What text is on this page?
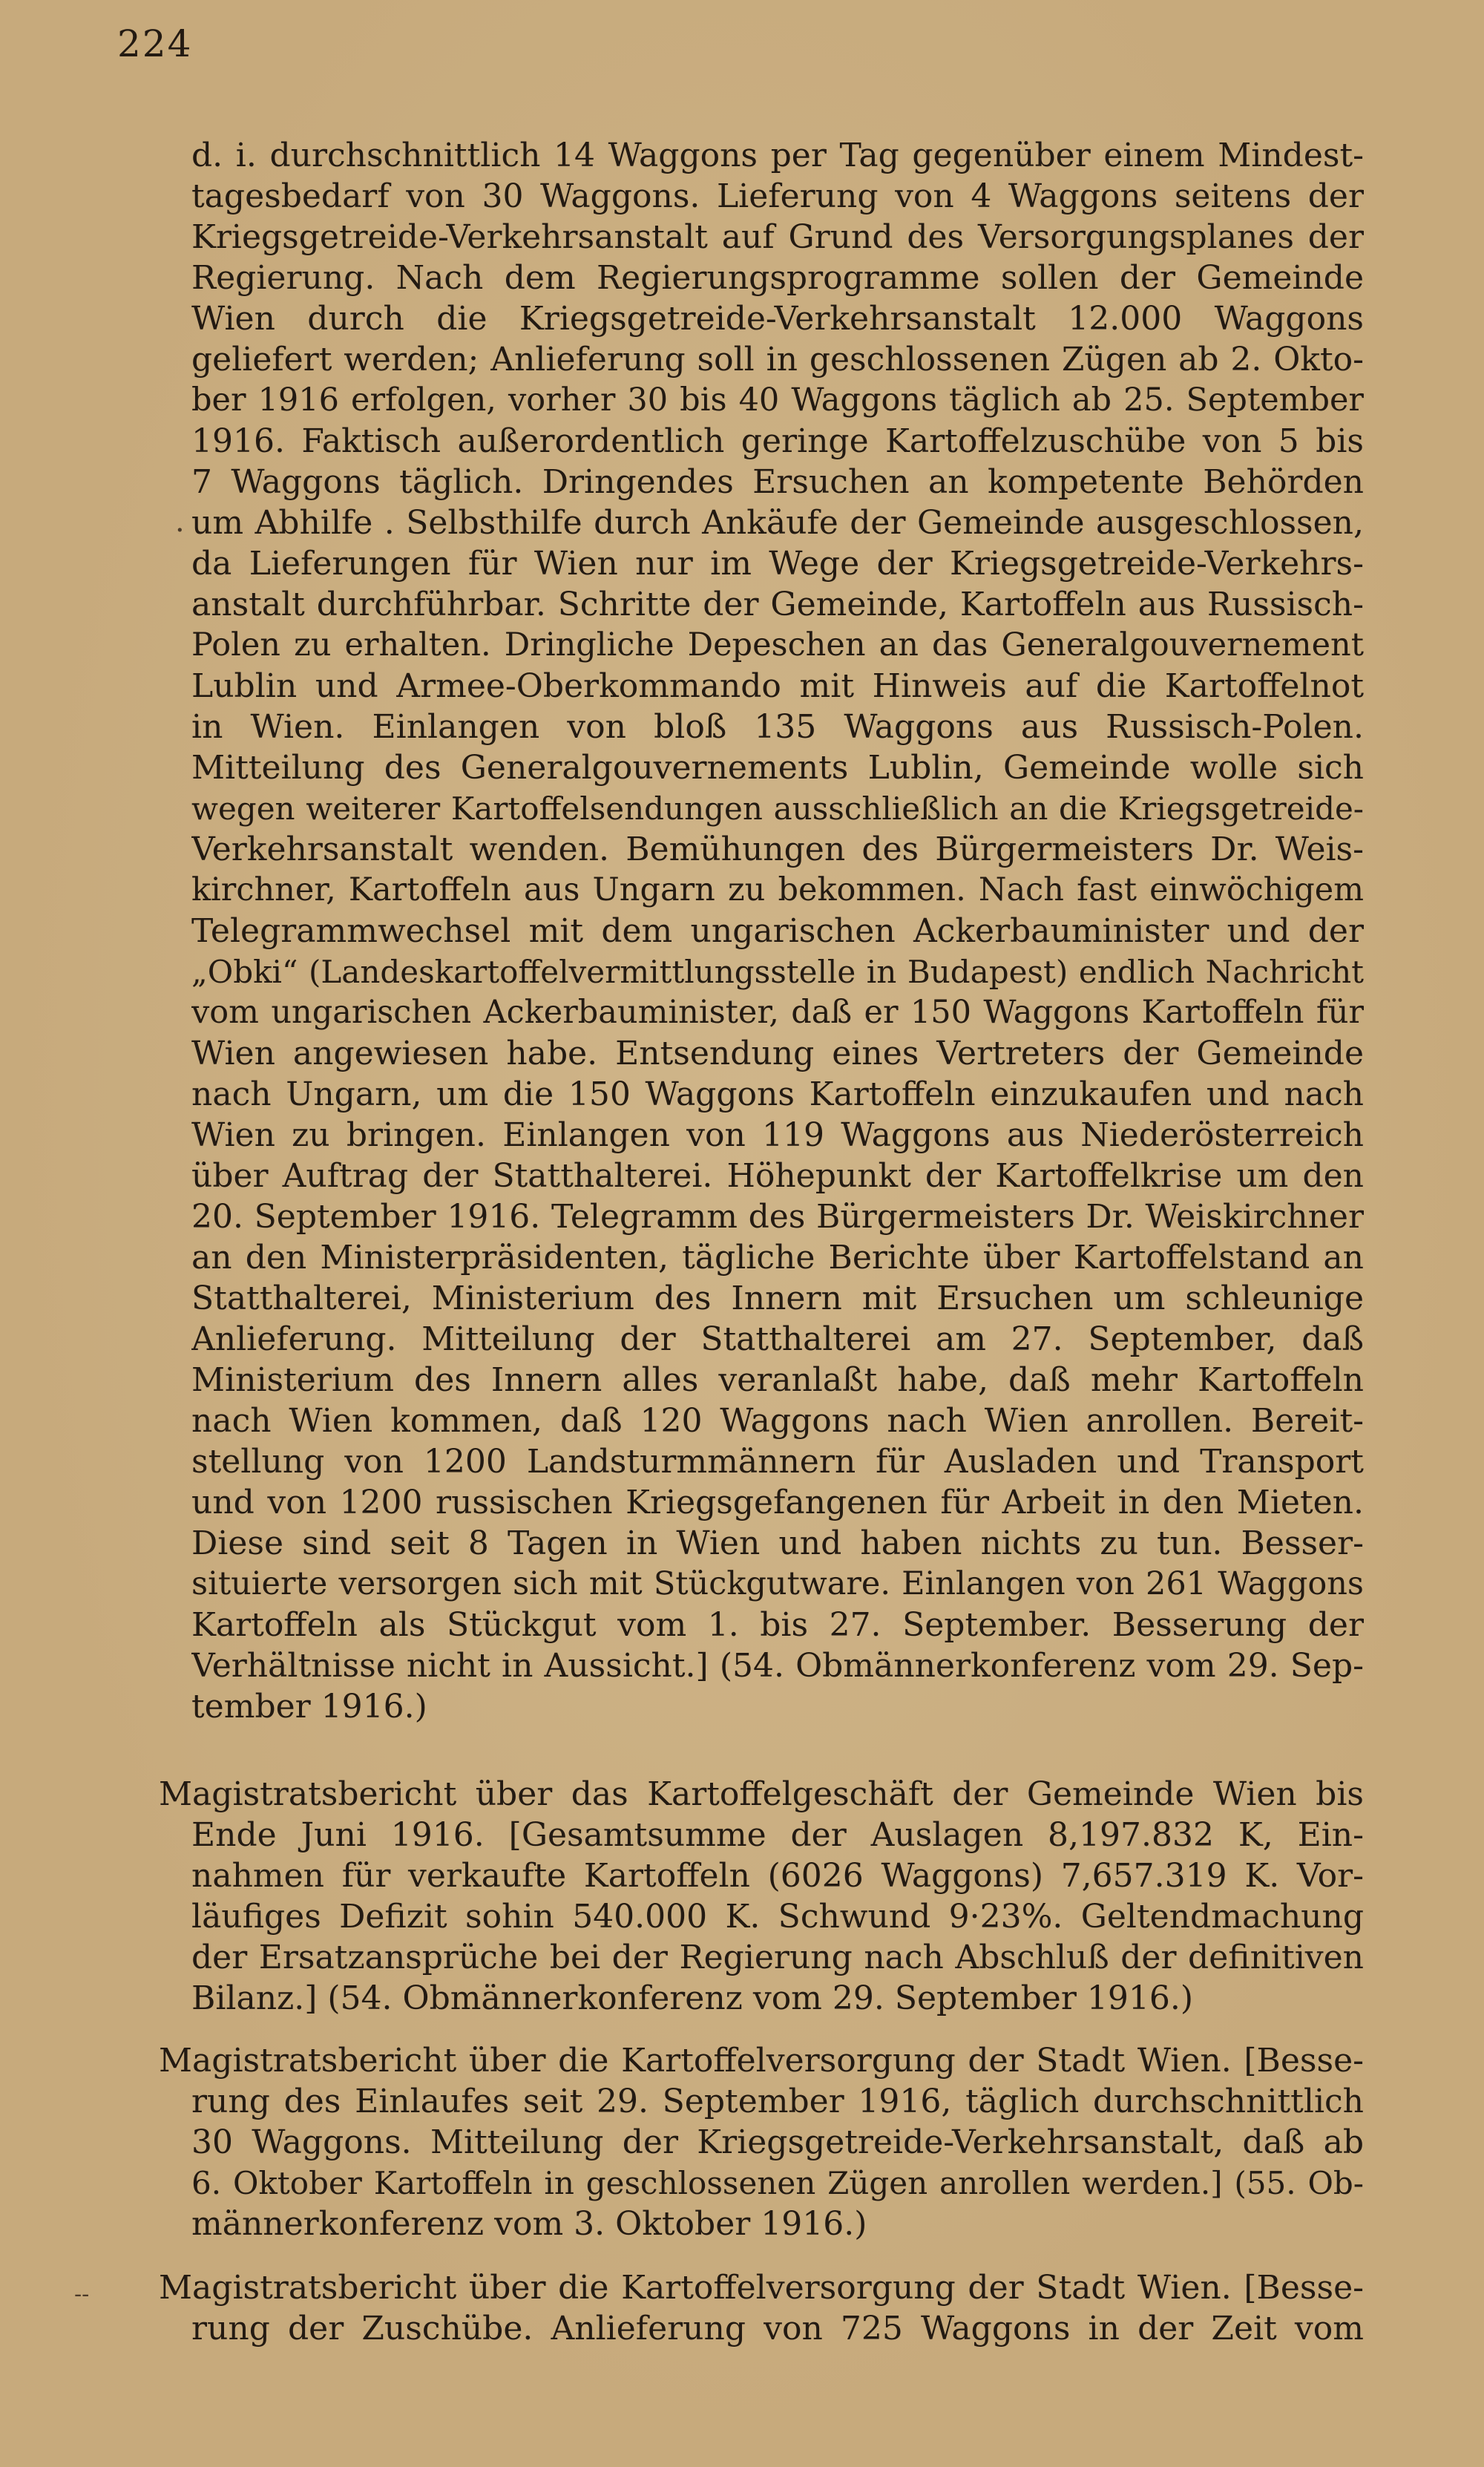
224

·
--
d. i. durchschnittlich 14 Waggons per Tag gegenüber einem Mindest-
tagesbedarf von 30 Waggons. Lieferung von 4 Waggons seitens der
Kriegsgetreide-Verkehrsanstalt auf Grund des Versorgungsplanes der
Regierung. Nach dem Regierungsprogramme sollen der Gemeinde
Wien durch die Kriegsgetreide-Verkehrsanstalt 12.000 Waggons
geliefert werden; Anlieferung soll in geschlossenen Zügen ab 2. Okto-
ber 1916 erfolgen, vorher 30 bis 40 Waggons täglich ab 25. September
1916. Faktisch außerordentlich geringe Kartoffelzuschübe von 5 bis
7 Waggons täglich. Dringendes Ersuchen an kompetente Behörden
um Abhilfe . Selbsthilfe durch Ankäufe der Gemeinde ausgeschlossen,
da Lieferungen für Wien nur im Wege der Kriegsgetreide-Verkehrs-
anstalt durchführbar. Schritte der Gemeinde, Kartoffeln aus Russisch-
Polen zu erhalten. Dringliche Depeschen an das Generalgouvernement
Lublin und Armee-Oberkommando mit Hinweis auf die Kartoffelnot
in Wien. Einlangen von bloß 135 Waggons aus Russisch-Polen.
Mitteilung des Generalgouvernements Lublin, Gemeinde wolle sich
wegen weiterer Kartoffelsendungen ausschließlich an die Kriegsgetreide-
Verkehrsanstalt wenden. Bemühungen des Bürgermeisters Dr. Weis-
kirchner, Kartoffeln aus Ungarn zu bekommen. Nach fast einwöchigem
Telegrammwechsel mit dem ungarischen Ackerbauminister und der
„Obki“ (Landeskartoffelvermittlungsstelle in Budapest) endlich Nachricht
vom ungarischen Ackerbauminister, daß er 150 Waggons Kartoffeln für
Wien angewiesen habe. Entsendung eines Vertreters der Gemeinde
nach Ungarn, um die 150 Waggons Kartoffeln einzukaufen und nach
Wien zu bringen. Einlangen von 119 Waggons aus Niederösterreich
über Auftrag der Statthalterei. Höhepunkt der Kartoffelkrise um den
20. September 1916. Telegramm des Bürgermeisters Dr. Weiskirchner
an den Ministerpräsidenten, tägliche Berichte über Kartoffelstand an
Statthalterei, Ministerium des Innern mit Ersuchen um schleunige
Anlieferung. Mitteilung der Statthalterei am 27. September, daß
Ministerium des Innern alles veranlaßt habe, daß mehr Kartoffeln
nach Wien kommen, daß 120 Waggons nach Wien anrollen. Bereit-
stellung von 1200 Landsturmmännern für Ausladen und Transport
und von 1200 russischen Kriegsgefangenen für Arbeit in den Mieten.
Diese sind seit 8 Tagen in Wien und haben nichts zu tun. Besser-
situierte versorgen sich mit Stückgutware. Einlangen von 261 Waggons
Kartoffeln als Stückgut vom 1. bis 27. September. Besserung der
Verhältnisse nicht in Aussicht.] (54. Obmännerkonferenz vom 29. Sep-
tember 1916.)
Magistratsbericht über das Kartoffelgeschäft der Gemeinde Wien bis
Ende Juni 1916. [Gesamtsumme der Auslagen 8,197.832 K, Ein-
nahmen für verkaufte Kartoffeln (6026 Waggons) 7,657.319 K. Vor-
läufiges Defizit sohin 540.000 K. Schwund 9·23%. Geltendmachung
der Ersatzansprüche bei der Regierung nach Abschluß der definitiven
Bilanz.] (54. Obmännerkonferenz vom 29. September 1916.)
Magistratsbericht über die Kartoffelversorgung der Stadt Wien. [Besse-
rung des Einlaufes seit 29. September 1916, täglich durchschnittlich
30 Waggons. Mitteilung der Kriegsgetreide-Verkehrsanstalt, daß ab
6. Oktober Kartoffeln in geschlossenen Zügen anrollen werden.] (55. Ob-
männerkonferenz vom 3. Oktober 1916.)
Magistratsbericht über die Kartoffelversorgung der Stadt Wien. [Besse-
rung der Zuschübe. Anlieferung von 725 Waggons in der Zeit vom
